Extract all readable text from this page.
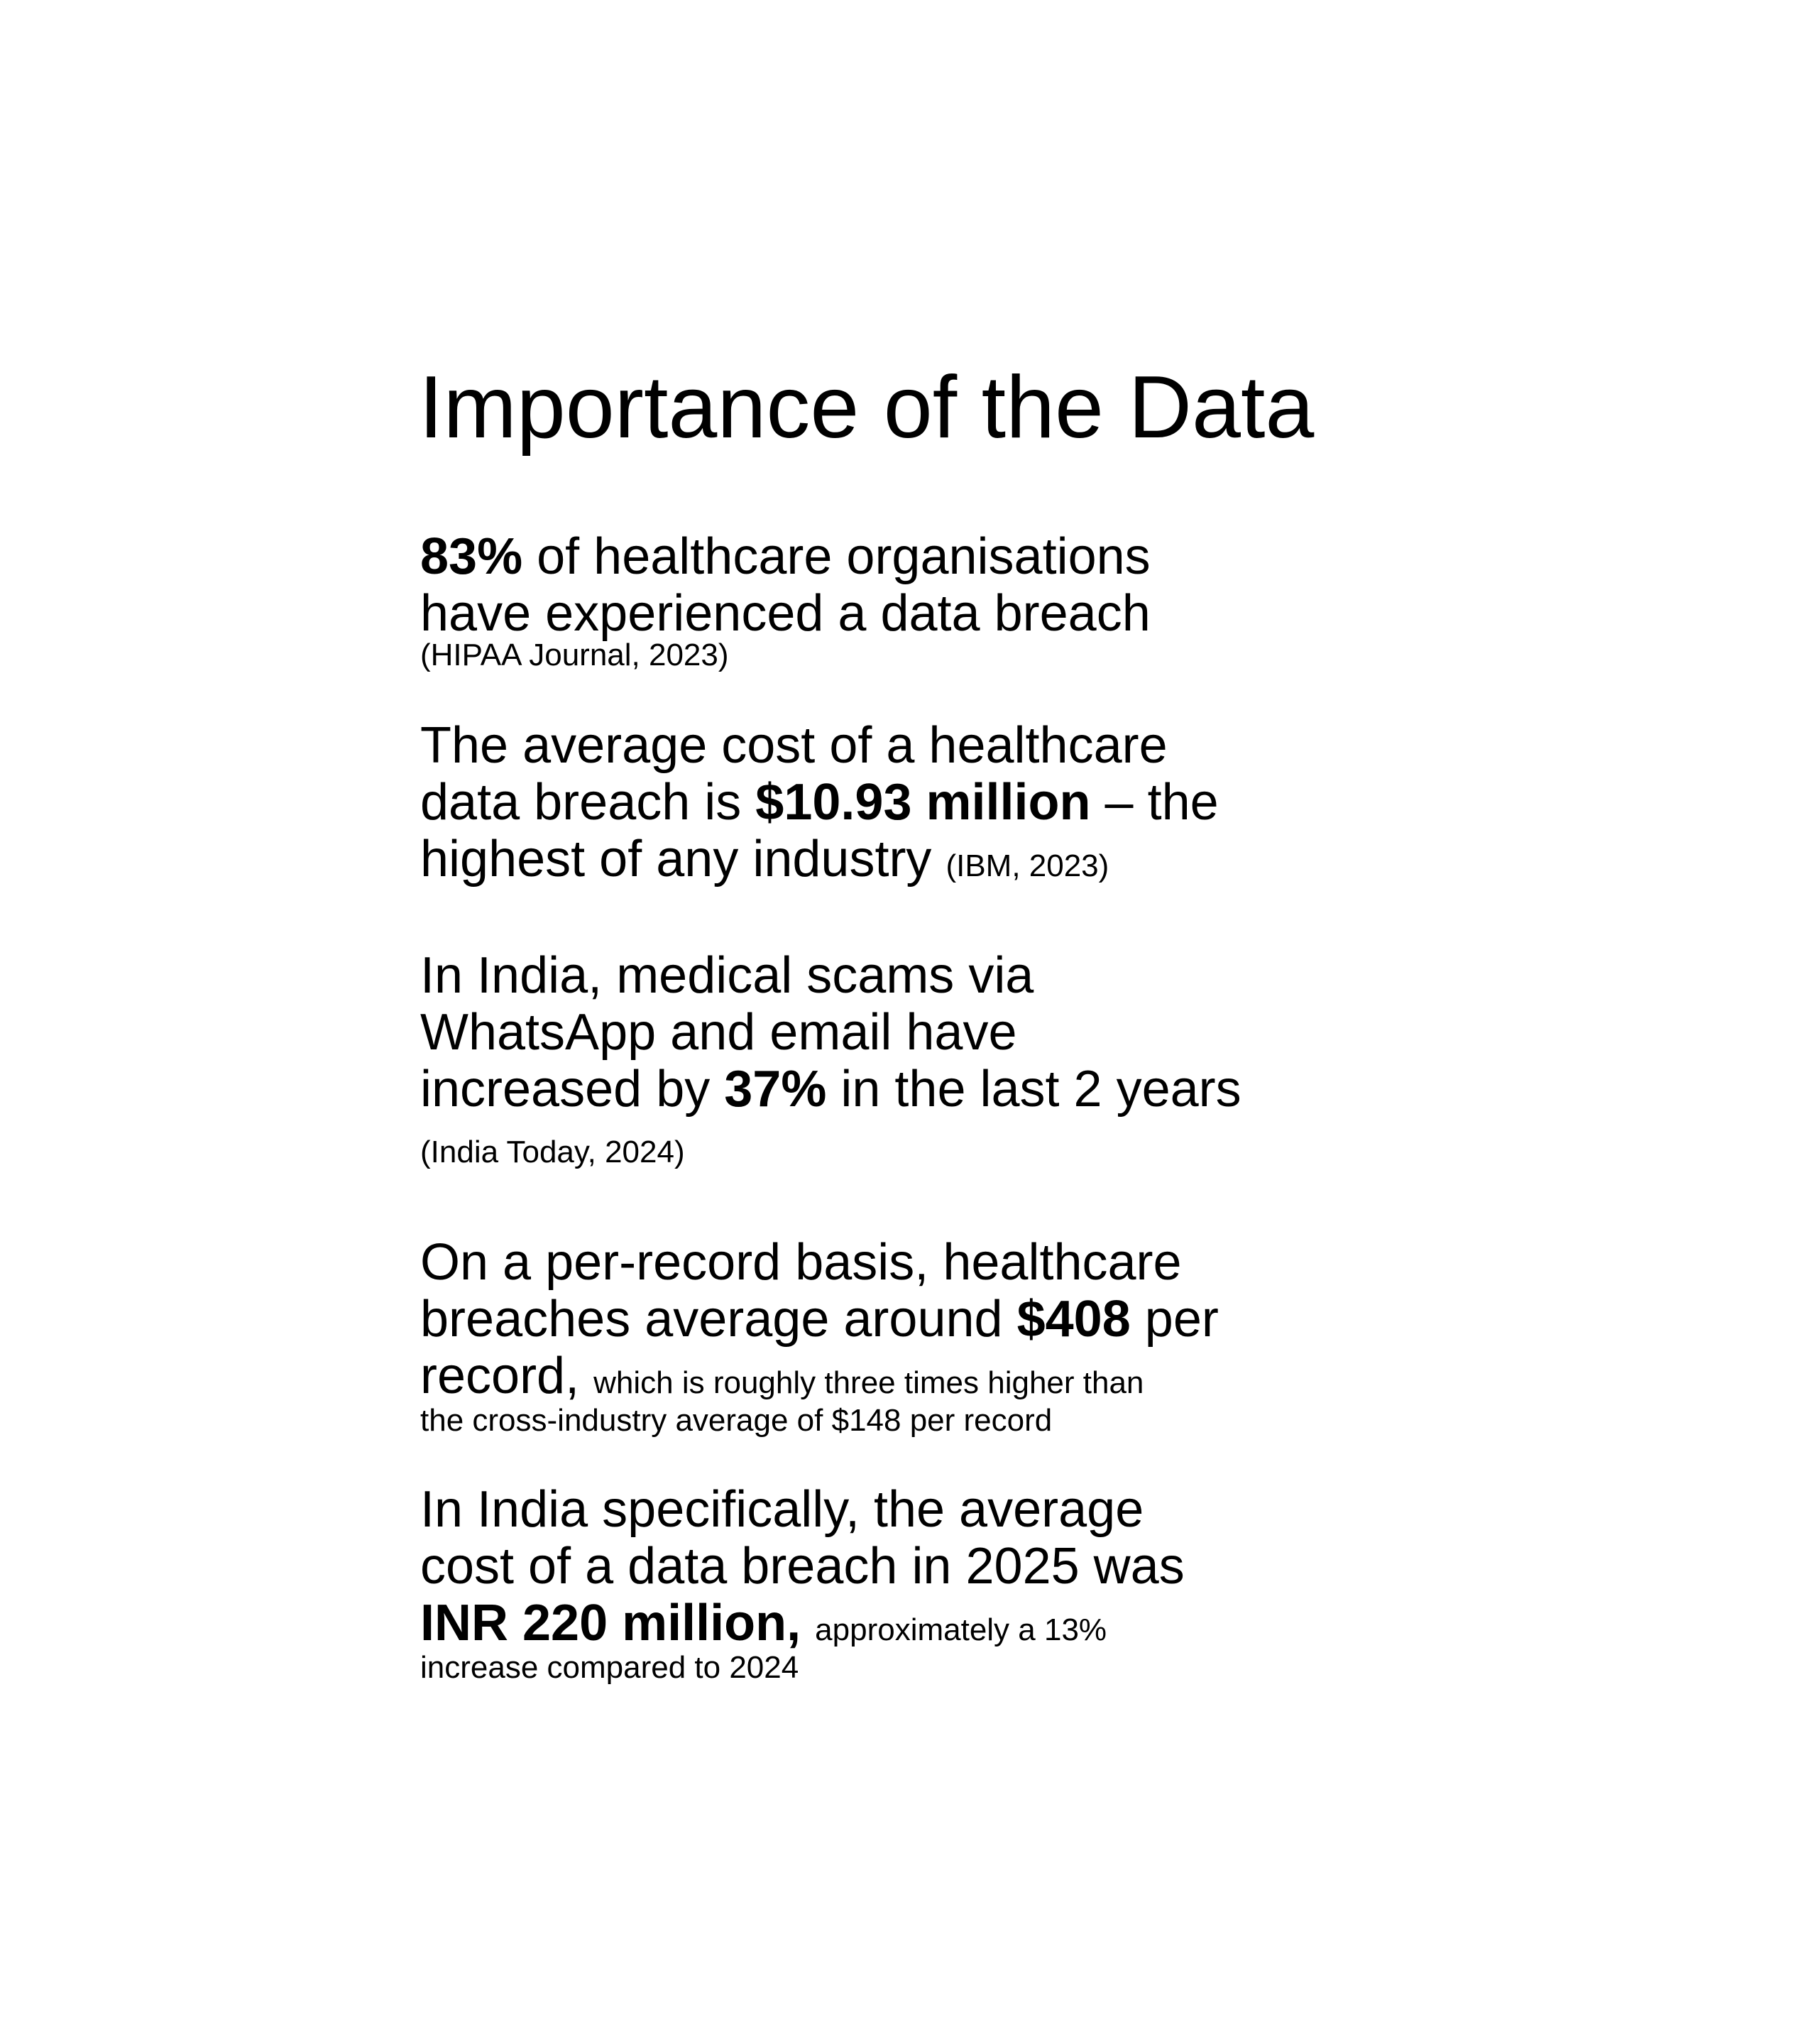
Importance of the Data
83% of healthcare organisations
have experienced a data breach
(HIPAA Journal, 2023)
The average cost of a healthcare
data breach is $10.93 million – the
highest of any industry (IBM, 2023)
In India, medical scams via
WhatsApp and email have
increased by 37% in the last 2 years
(India Today, 2024)
On a per-record basis, healthcare
breaches average around $408 per
record, which is roughly three times higher than
the cross-industry average of $148 per record
In India specifically, the average
cost of a data breach in 2025 was
INR 220 million, approximately a 13%
increase compared to 2024
